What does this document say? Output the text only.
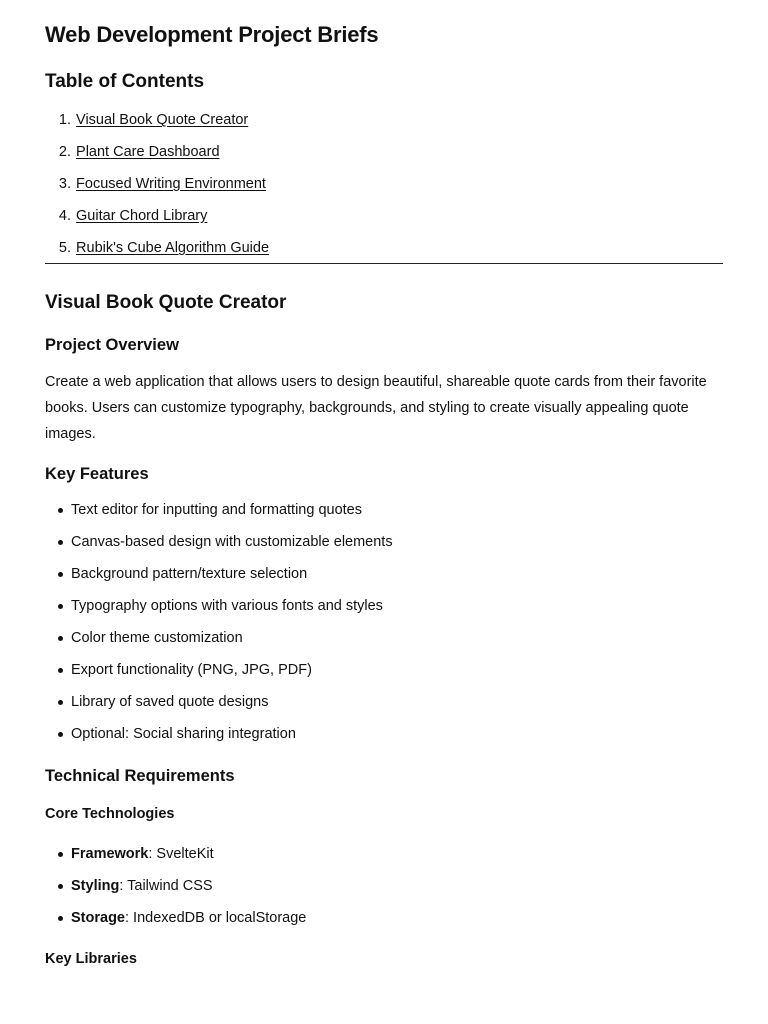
Web Development Project Briefs
Table of Contents
1. Visual Book Quote Creator
2. Plant Care Dashboard
3. Focused Writing Environment
4. Guitar Chord Library
5. Rubik's Cube Algorithm Guide
Visual Book Quote Creator
Project Overview

Create a web application that allows users to design beautiful, shareable quote cards from their favorite books. Users can customize typography, backgrounds, and styling to create visually appealing quote images.

Key Features
Text editor for inputting and formatting quotes
Canvas-based design with customizable elements
Background pattern/texture selection
Typography options with various fonts and styles
Color theme customization
Export functionality (PNG, JPG, PDF)
Library of saved quote designs
Optional: Social sharing integration
Technical Requirements
Core Technologies
Framework: SvelteKit
Styling: Tailwind CSS
Storage: IndexedDB or localStorage
Key Libraries
